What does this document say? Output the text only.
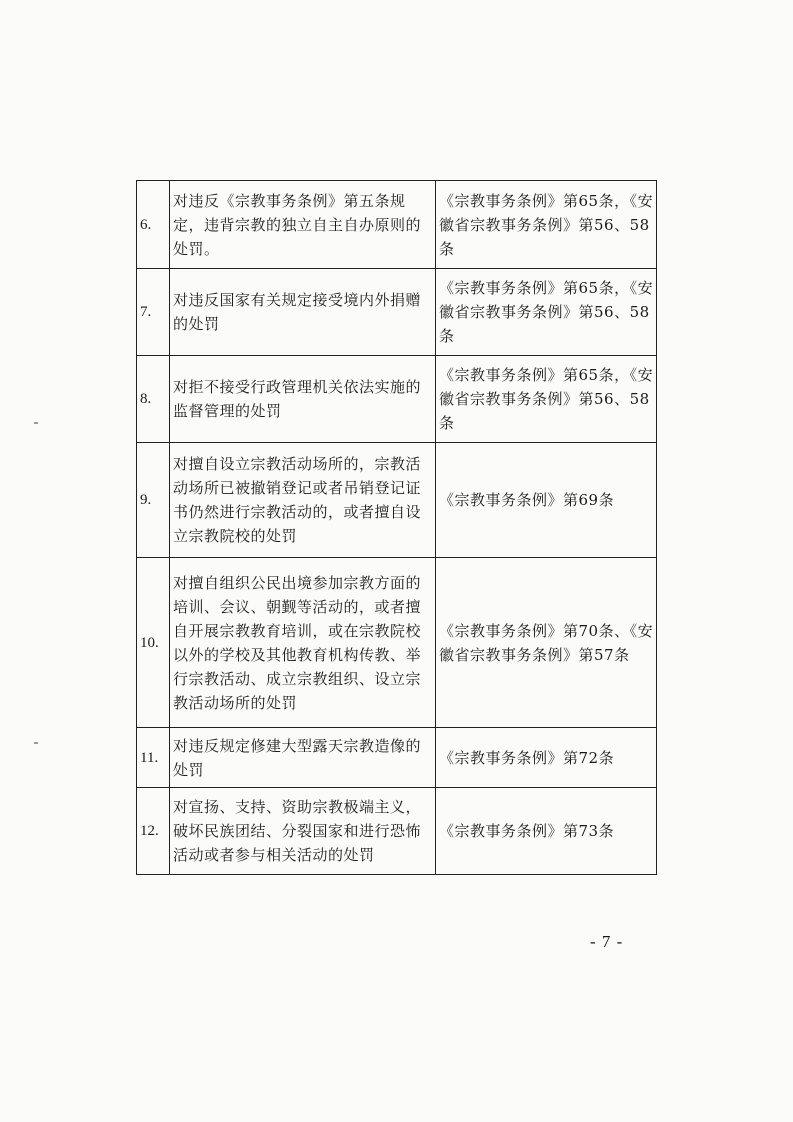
6.	对违反《宗教事务条例》第五条规定，违背宗教的独立自主自办原则的处罚。	《宗教事务条例》第65条，《安徽省宗教事务条例》第56、58条
7.	对违反国家有关规定接受境内外捐赠的处罚	《宗教事务条例》第65条，《安徽省宗教事务条例》第56、58条
8.	对拒不接受行政管理机关依法实施的监督管理的处罚	《宗教事务条例》第65条，《安徽省宗教事务条例》第56、58条
9.	对擅自设立宗教活动场所的，宗教活动场所已被撤销登记或者吊销登记证书仍然进行宗教活动的，或者擅自设立宗教院校的处罚	《宗教事务条例》第69条
10.	对擅自组织公民出境参加宗教方面的培训、会议、朝觐等活动的，或者擅自开展宗教教育培训，或在宗教院校以外的学校及其他教育机构传教、举行宗教活动、成立宗教组织、设立宗教活动场所的处罚	《宗教事务条例》第70条、《安徽省宗教事务条例》第57条
11.	对违反规定修建大型露天宗教造像的处罚	《宗教事务条例》第72条
12.	对宣扬、支持、资助宗教极端主义，破坏民族团结、分裂国家和进行恐怖活动或者参与相关活动的处罚	《宗教事务条例》第73条
- 7 -
